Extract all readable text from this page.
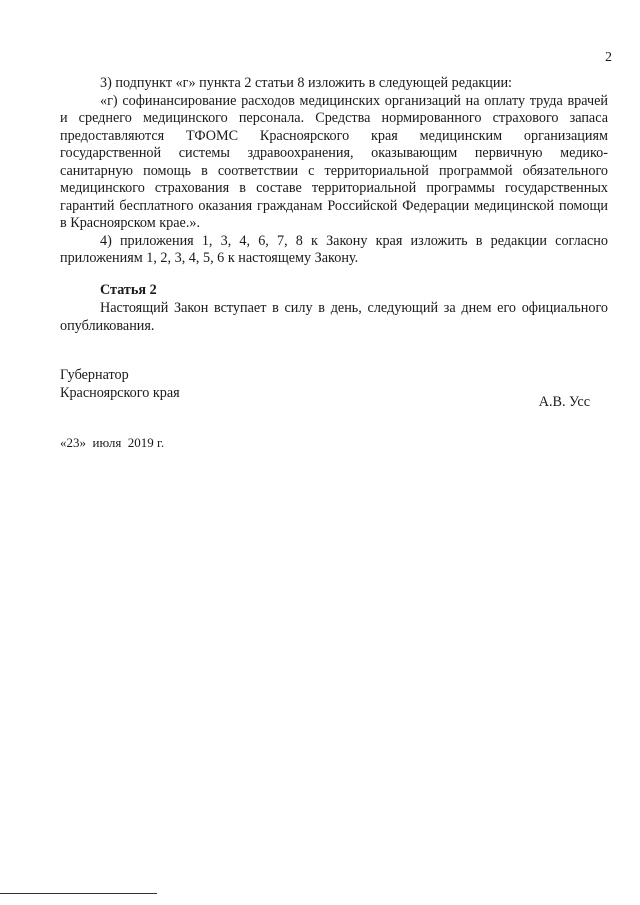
2

3) подпункт «г» пункта 2 статьи 8 изложить в следующей редакции:

«г) софинансирование расходов медицинских организаций на оплату труда врачей и среднего медицинского персонала. Средства нормированного страхового запаса предоставляются ТФОМС Красноярского края медицинским организациям государственной системы здравоохранения, оказывающим первичную медико-санитарную помощь в соответствии с территориальной программой обязательного медицинского страхования в составе территориальной программы государственных гарантий бесплатного оказания гражданам Российской Федерации медицинской помощи в Красноярском крае.».

4) приложения 1, 3, 4, 6, 7, 8 к Закону края изложить в редакции согласно приложениям 1, 2, 3, 4, 5, 6 к настоящему Закону.

Статья 2

Настоящий Закон вступает в силу в день, следующий за днем его официального опубликования.

Губернатор
Красноярского края
А.В. Усс
«23»  июля  2019 г.
